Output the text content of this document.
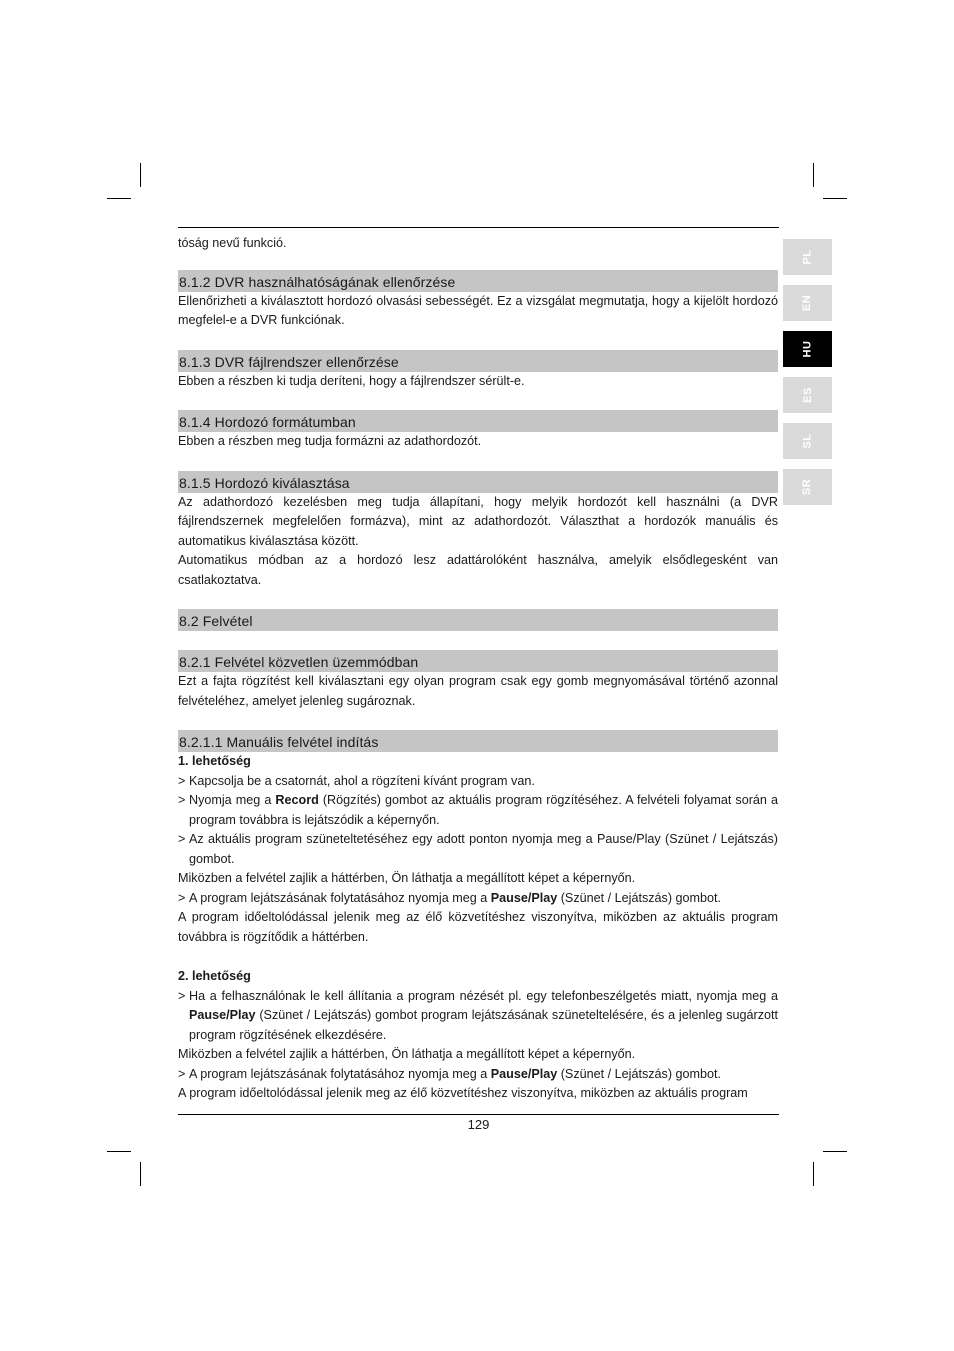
PL
EN
HU
ES
SL
SR

tóság nevű funkció.

8.1.2 DVR használhatóságának ellenőrzése

Ellenőrizheti a kiválasztott hordozó olvasási sebességét. Ez a vizsgálat megmutatja, hogy a kijelölt hordozó megfelel-e a DVR funkciónak.

8.1.3 DVR fájlrendszer ellenőrzése

Ebben a részben ki tudja deríteni, hogy a fájlrendszer sérült-e.

8.1.4 Hordozó formátumban

Ebben a részben meg tudja formázni az adathordozót.

8.1.5 Hordozó kiválasztása

Az adathordozó kezelésben meg tudja állapítani, hogy melyik hordozót kell használni (a DVR fájlrendszernek megfelelően formázva), mint az adathordozót. Választhat a hordozók manuális és automatikus kiválasztása között.

Automatikus módban az a hordozó lesz adattárolóként használva, amelyik elsődlegesként van csatlakoztatva.

8.2 Felvétel
8.2.1 Felvétel közvetlen üzemmódban

Ezt a fajta rögzítést kell kiválasztani egy olyan program csak egy gomb megnyomásával történő azonnal felvételéhez, amelyet jelenleg sugároznak.

8.2.1.1 Manuális felvétel indítás

1. lehetőség

> Kapcsolja be a csatornát, ahol a rögzíteni kívánt program van.
> Nyomja meg a Record (Rögzítés) gombot az aktuális program rögzítéséhez. A felvételi folyamat során a program továbbra is lejátszódik a képernyőn.
> Az aktuális program szüneteltetéséhez egy adott ponton nyomja meg a Pause/Play (Szünet / Lejátszás) gombot.

Miközben a felvétel zajlik a háttérben, Ön láthatja a megállított képet a képernyőn.

> A program lejátszásának folytatásához nyomja meg a Pause/Play (Szünet / Lejátszás) gombot.

A program időeltolódással jelenik meg az élő közvetítéshez viszonyítva, miközben az aktuális program továbbra is rögzítődik a háttérben.

2. lehetőség

> Ha a felhasználónak le kell állítania a program nézését pl. egy telefonbeszélgetés miatt, nyomja meg a Pause/Play (Szünet / Lejátszás) gombot program lejátszásának szüneteltelésére, és a jelenleg sugárzott program rögzítésének elkezdésére.

Miközben a felvétel zajlik a háttérben, Ön láthatja a megállított képet a képernyőn.

> A program lejátszásának folytatásához nyomja meg a Pause/Play (Szünet / Lejátszás) gombot.

A program időeltolódással jelenik meg az élő közvetítéshez viszonyítva, miközben az aktuális program

129
